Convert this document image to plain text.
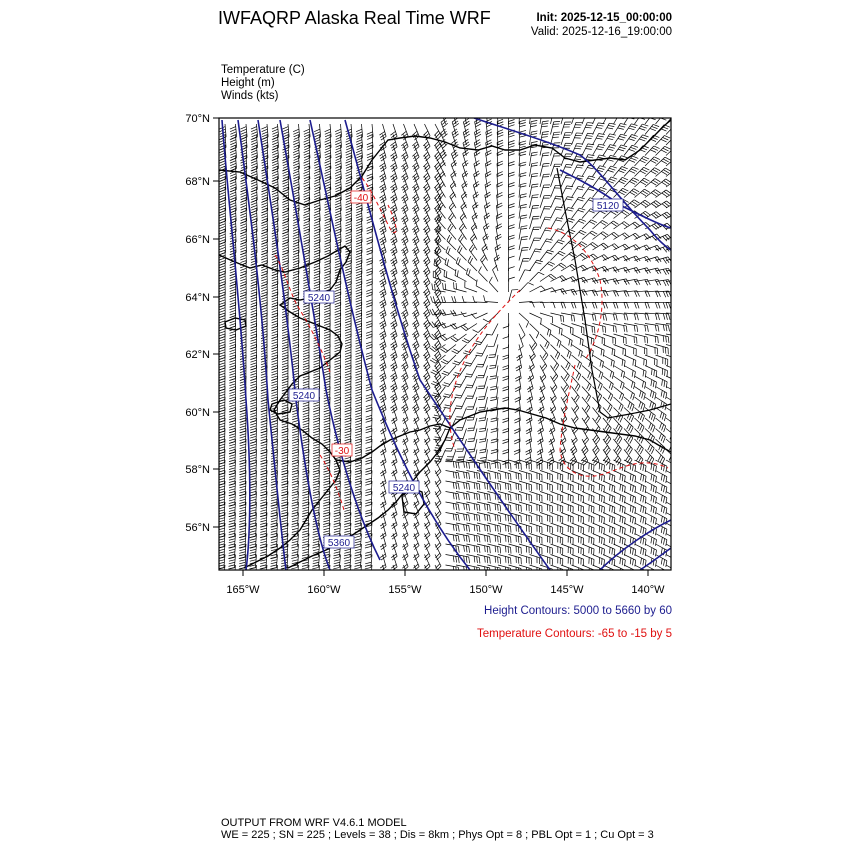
IWFAQRP Alaska Real Time WRF	Init: 2025-12-15_00:00:00
Valid: 2025-12-16_19:00:00
Temperature (C)
Height (m)
Winds (kts)
5120
5240
5240
5240
5360
-40
-30
70°N
68°N
66°N
64°N
62°N
60°N
58°N
56°N
165°W	160°W	155°W	150°W	145°W	140°W
Height Contours: 5000 to 5660 by 60
Temperature Contours: -65 to -15 by 5
OUTPUT FROM WRF V4.6.1 MODEL
WE = 225 ; SN = 225 ; Levels = 38 ; Dis = 8km ; Phys Opt = 8 ; PBL Opt = 1 ; Cu Opt = 3
